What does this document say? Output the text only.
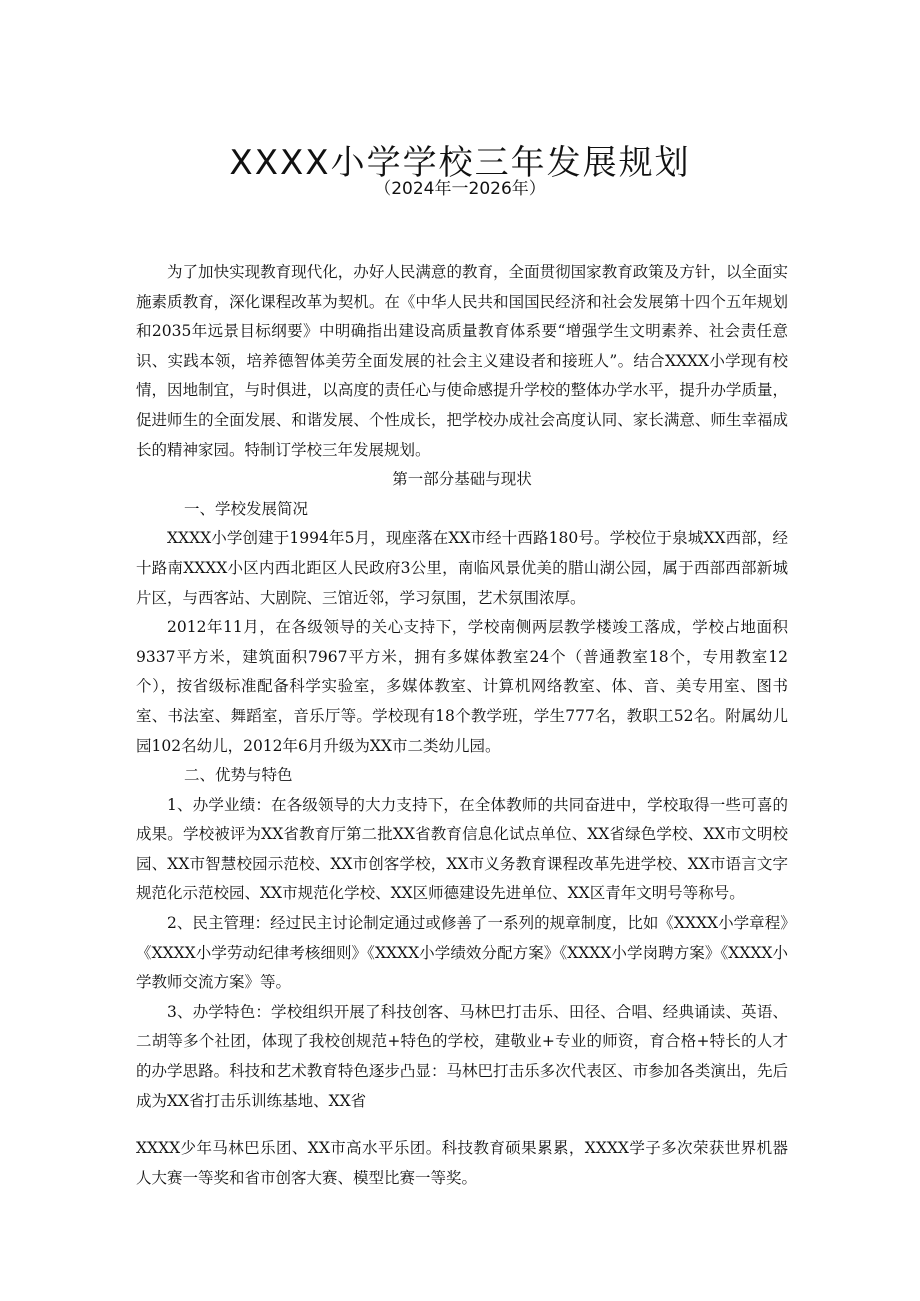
XXXX小学学校三年发展规划
（2024年一2026年）

为了加快实现教育现代化，办好人民满意的教育，全面贯彻国家教育政策及方针，以全面实施素质教育，深化课程改革为契机。在《中华人民共和国国民经济和社会发展第十四个五年规划和2035年远景目标纲要》中明确指出建设高质量教育体系要“增强学生文明素养、社会责任意识、实践本领，培养德智体美劳全面发展的社会主义建设者和接班人”。结合XXXX小学现有校情，因地制宜，与时俱进，以高度的责任心与使命感提升学校的整体办学水平，提升办学质量，促进师生的全面发展、和谐发展、个性成长，把学校办成社会高度认同、家长满意、师生幸福成长的精神家园。特制订学校三年发展规划。

第一部分基础与现状

一、学校发展简况

XXXX小学创建于1994年5月，现座落在XX市经十西路180号。学校位于泉城XX西部，经十路南XXXX小区内西北距区人民政府3公里，南临风景优美的腊山湖公园，属于西部西部新城片区，与西客站、大剧院、三馆近邻，学习氛围，艺术氛围浓厚。

2012年11月，在各级领导的关心支持下，学校南侧两层教学楼竣工落成，学校占地面积9337平方米，建筑面积7967平方米，拥有多媒体教室24个（普通教室18个，专用教室12个），按省级标准配备科学实验室，多媒体教室、计算机网络教室、体、音、美专用室、图书室、书法室、舞蹈室，音乐厅等。学校现有18个教学班，学生777名，教职工52名。附属幼儿园102名幼儿，2012年6月升级为XX市二类幼儿园。

二、优势与特色

1、办学业绩：在各级领导的大力支持下，在全体教师的共同奋进中，学校取得一些可喜的成果。学校被评为XX省教育厅第二批XX省教育信息化试点单位、XX省绿色学校、XX市文明校园、XX市智慧校园示范校、XX市创客学校，XX市义务教育课程改革先进学校、XX市语言文字规范化示范校园、XX市规范化学校、XX区师德建设先进单位、XX区青年文明号等称号。

2、民主管理：经过民主讨论制定通过或修善了一系列的规章制度，比如《XXXX小学章程》《XXXX小学劳动纪律考核细则》《XXXX小学绩效分配方案》《XXXX小学岗聘方案》《XXXX小学教师交流方案》等。

3、办学特色：学校组织开展了科技创客、马林巴打击乐、田径、合唱、经典诵读、英语、二胡等多个社团，体现了我校创规范+特色的学校，建敬业+专业的师资，育合格+特长的人才的办学思路。科技和艺术教育特色逐步凸显：马林巴打击乐多次代表区、市参加各类演出，先后成为XX省打击乐训练基地、XX省

XXXX少年马林巴乐团、XX市高水平乐团。科技教育硕果累累，XXXX学子多次荣获世界机器人大赛一等奖和省市创客大赛、模型比赛一等奖。
